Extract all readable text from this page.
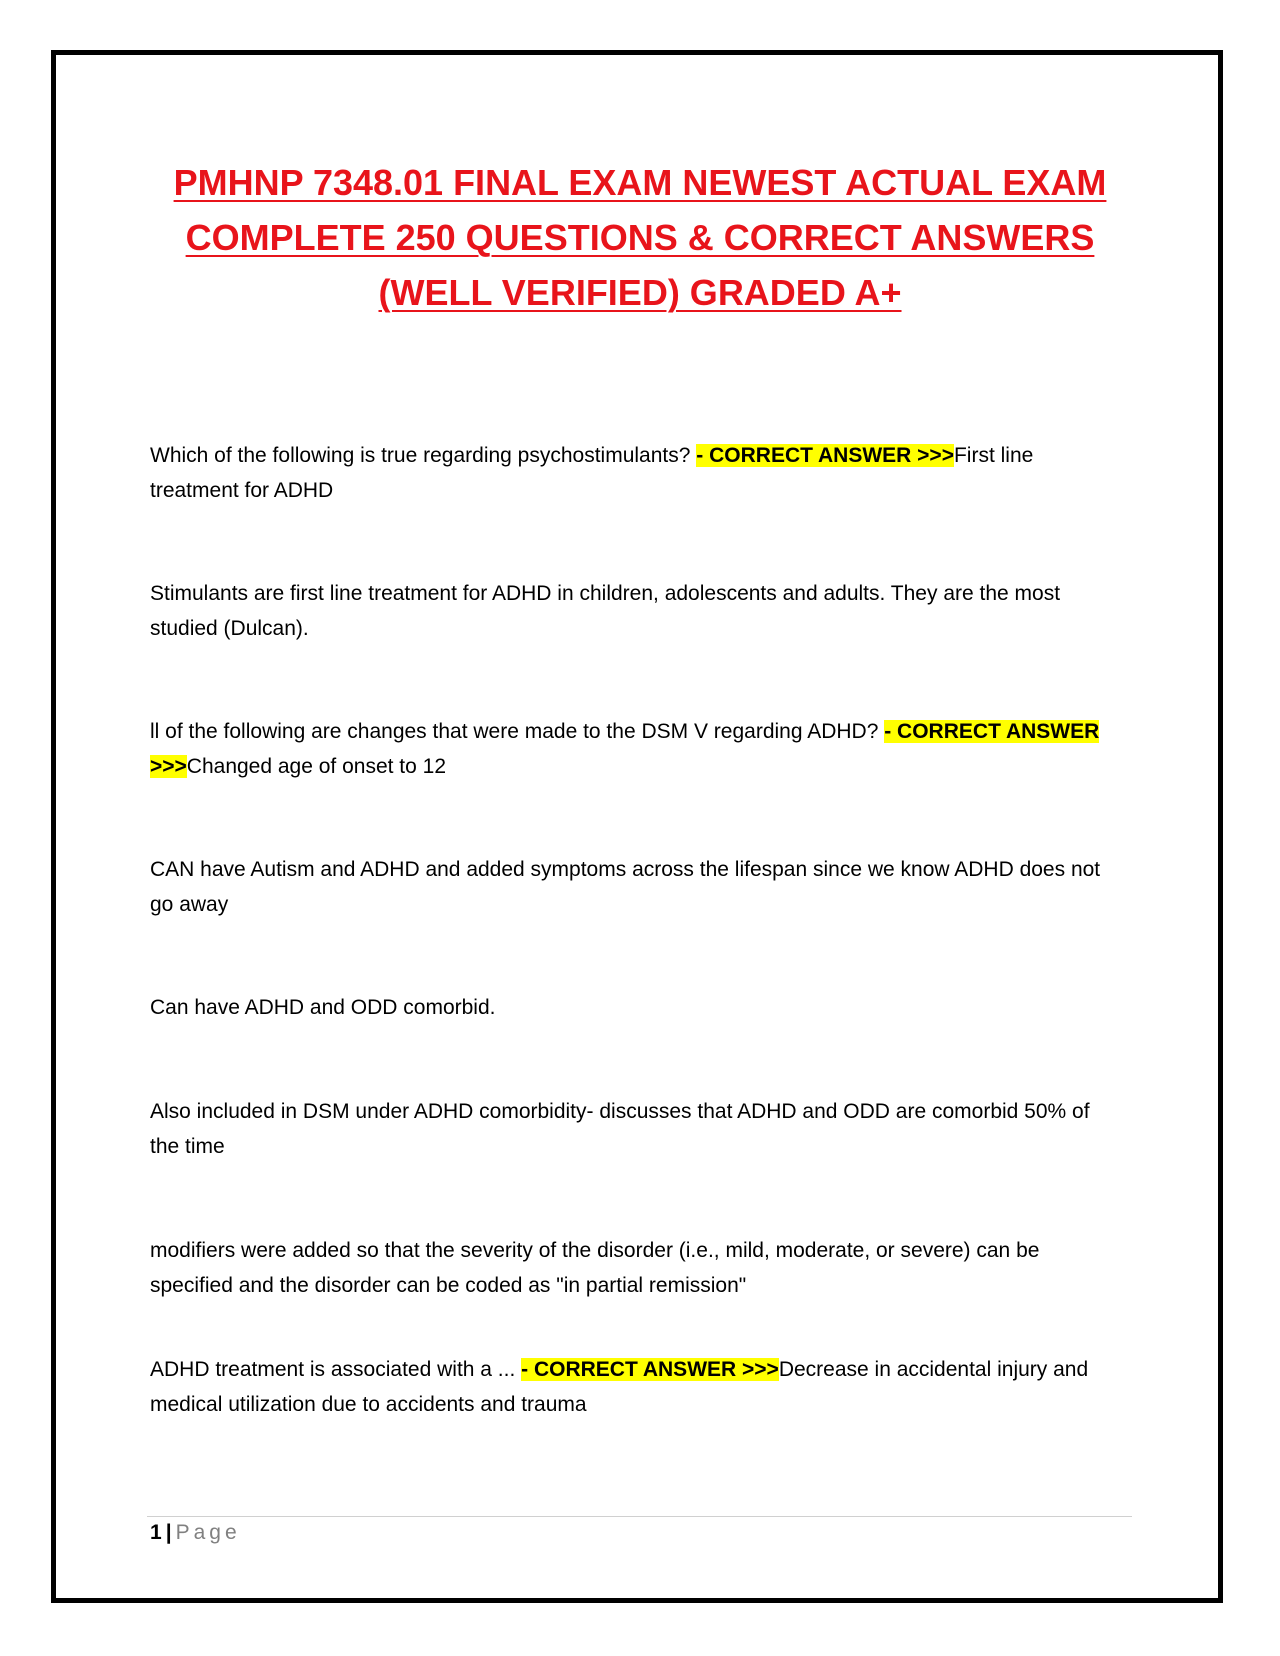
PMHNP 7348.01 FINAL EXAM NEWEST ACTUAL EXAM COMPLETE 250 QUESTIONS & CORRECT ANSWERS (WELL VERIFIED) GRADED A+

Which of the following is true regarding psychostimulants? - CORRECT ANSWER >>>First line treatment for ADHD

Stimulants are first line treatment for ADHD in children, adolescents and adults. They are the most studied (Dulcan).

ll of the following are changes that were made to the DSM V regarding ADHD? - CORRECT ANSWER >>>Changed age of onset to 12

CAN have Autism and ADHD and added symptoms across the lifespan since we know ADHD does not go away

Can have ADHD and ODD comorbid.

Also included in DSM under ADHD comorbidity- discusses that ADHD and ODD are comorbid 50% of the time

modifiers were added so that the severity of the disorder (i.e., mild, moderate, or severe) can be specified and the disorder can be coded as "in partial remission"

ADHD treatment is associated with a ... - CORRECT ANSWER >>>Decrease in accidental injury and medical utilization due to accidents and trauma

1 | Page
